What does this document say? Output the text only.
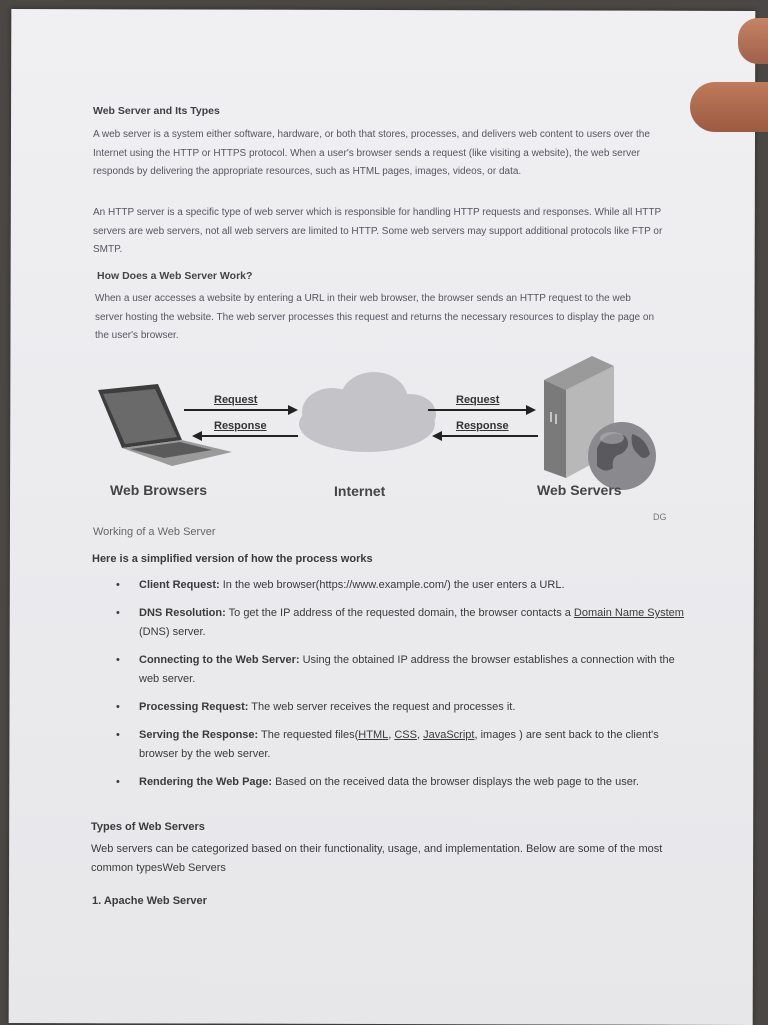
Web Server and Its Types
A web server is a system either software, hardware, or both that stores, processes, and delivers web content to users over the Internet using the HTTP or HTTPS protocol. When a user's browser sends a request (like visiting a website), the web server responds by delivering the appropriate resources, such as HTML pages, images, videos, or data.
An HTTP server is a specific type of web server which is responsible for handling HTTP requests and responses. While all HTTP servers are web servers, not all web servers are limited to HTTP. Some web servers may support additional protocols like FTP or SMTP.
How Does a Web Server Work?
When a user accesses a website by entering a URL in their web browser, the browser sends an HTTP request to the web server hosting the website. The web server processes this request and returns the necessary resources to display the page on the user's browser.
Request
Response
Request
Response
Web Browsers	Internet	Web Servers
DG
Working of a Web Server
Here is a simplified version of how the process works
• Client Request: In the web browser(https://www.example.com/) the user enters a URL.
• DNS Resolution: To get the IP address of the requested domain, the browser contacts a Domain Name System (DNS) server.
• Connecting to the Web Server: Using the obtained IP address the browser establishes a connection with the web server.
• Processing Request: The web server receives the request and processes it.
• Serving the Response: The requested files(HTML, CSS, JavaScript, images ) are sent back to the client's browser by the web server.
• Rendering the Web Page: Based on the received data the browser displays the web page to the user.
Types of Web Servers
Web servers can be categorized based on their functionality, usage, and implementation. Below are some of the most common typesWeb Servers
1. Apache Web Server
